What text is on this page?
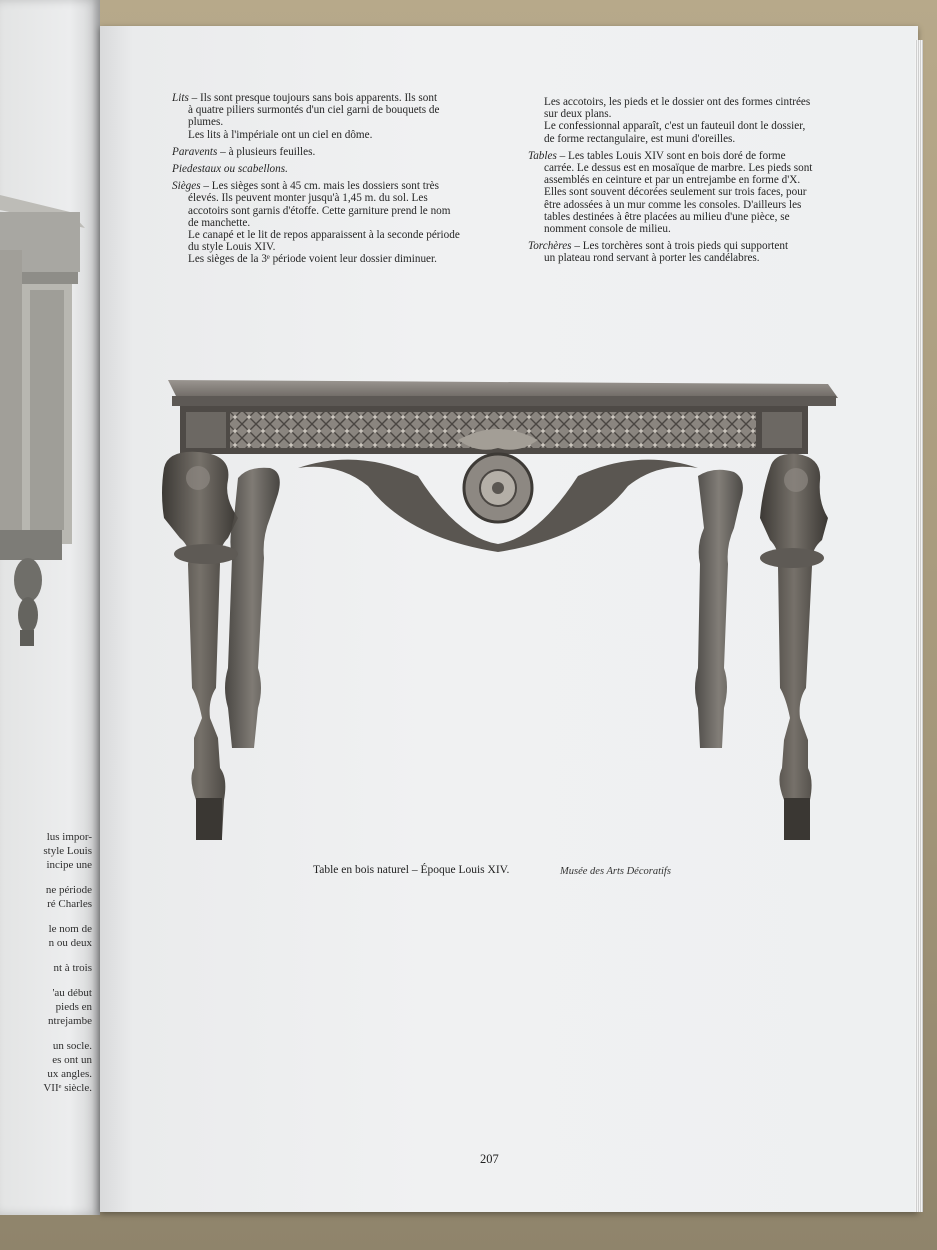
lus impor-
style Louis
incipe une
ne période
ré Charles
le nom de
n ou deux
nt à trois
'au début
pieds en
ntrejambe
un socle.
es ont un
ux angles.
VIIᵉ siècle.
Lits – Ils sont presque toujours sans bois apparents. Ils sont
à quatre piliers surmontés d'un ciel garni de bouquets de
plumes.
Les lits à l'impériale ont un ciel en dôme.
Paravents – à plusieurs feuilles.
Piedestaux ou scabellons.
Sièges – Les sièges sont à 45 cm. mais les dossiers sont très
élevés. Ils peuvent monter jusqu'à 1,45 m. du sol. Les
accotoirs sont garnis d'étoffe. Cette garniture prend le nom
de manchette.
Le canapé et le lit de repos apparaissent à la seconde période
du style Louis XIV.
Les sièges de la 3ᵉ période voient leur dossier diminuer.
Les accotoirs, les pieds et le dossier ont des formes cintrées
sur deux plans.
Le confessionnal apparaît, c'est un fauteuil dont le dossier,
de forme rectangulaire, est muni d'oreilles.
Tables – Les tables Louis XIV sont en bois doré de forme
carrée. Le dessus est en mosaïque de marbre. Les pieds sont
assemblés en ceinture et par un entrejambe en forme d'X.
Elles sont souvent décorées seulement sur trois faces, pour
être adossées à un mur comme les consoles. D'ailleurs les
tables destinées à être placées au milieu d'une pièce, se
nomment console de milieu.
Torchères – Les torchères sont à trois pieds qui supportent
un plateau rond servant à porter les candélabres.
Table en bois naturel – Époque Louis XIV.	Musée des Arts Décoratifs
207
